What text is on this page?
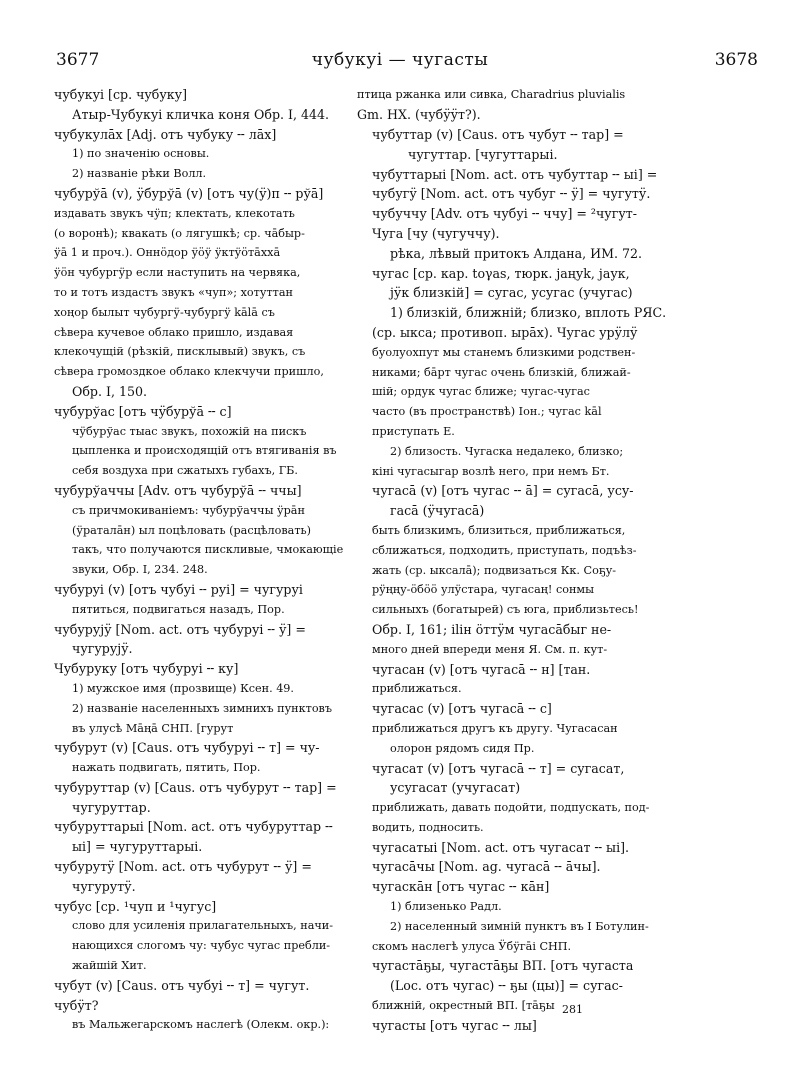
3677	чубукуі — чугасты	3678
чубукуі [ср. чубуку]
Атыр-Чубукуі кличка коня Обр. I, 444.
чубукулāх [Adj. отъ чубуку ╌ лāх]
1) по значенію основы.
2) названіе рѣки Волл.
чубурўā (v), ӱбурўā (v) [отъ чу(ӱ)п ╌ рўā]
издавать звукъ чӱп; клектать, клекотать
(о воронѣ); квакать (о лягушкѣ; ср. чāбыр-
ӱā 1 и проч.). Оннӧдор ӱӧӱ ӱктӱӧтāххā
ӱӧн чубургӱр если наступить на червяка,
то и тотъ издастъ звукъ «чуп»; хотуттан
хоңор былыт чубургӱ-чубургӱ kālā съ
сѣвера кучевое облако пришло, издавая
клекочущій (рѣзкій, писклывый) звукъ, съ
сѣвера громоздкое облако клекчучи пришло,
Обр. I, 150.
чубурўас [отъ чӱбурўā ╌ с]
чӱбурўас тыас звукъ, похожій на пискъ
цыпленка и происходящій отъ втягиванія въ
себя воздуха при сжатыхъ губахъ, ГБ.
чубурўаччы [Adv. отъ чубурўā ╌ ччы]
съ причмокиваніемъ: чубурўаччы ӱрāн
(ӱраталāн) ыл поцѣловать (расцѣловать)
такъ, что получаются пискливые, чмокающіе
звуки, Обр. I, 234. 248.
чубурyі (v) [отъ чубуі ╌ руі] = чугуруі
пятиться, подвигаться назадъ, Пор.
чубуруjӱ [Nom. act. отъ чубуруі ╌ ӱ] =
чугуруjӱ.
Чубуруку [отъ чубуруі ╌ ку]
1) мужское имя (прозвище) Ксен. 49.
2) названіе населенныхъ зимнихъ пунктовъ
въ улусѣ Мāңā СНП. [гурут
чубурут (v) [Caus. отъ чубуруі ╌ т] = чу-
нажать подвигать, пятить, Пор.
чубуруттар (v) [Caus. отъ чубурут ╌ тар] =
чугуруттар.
чубуруттарыі [Nom. act. отъ чубуруттар ╌
ыі] = чугуруттарыі.
чубурутӱ [Nom. act. отъ чубурут ╌ ӱ] =
чугурутӱ.
чубус [ср. ¹чуп и ¹чугус]
слово для усиленія прилагательныхъ, начи-
нающихся слогомъ чу: чубус чугас пребли-
жайшій Хит.
чубут (v) [Caus. отъ чубуі ╌ т] = чугут.
чубӱт?
въ Мальжегарскомъ наслегѣ (Олекм. окр.):
птица ржанка или сивка, Charadrius pluvialis
Gm. НХ. (чубӱӱт?).
чубуттар (v) [Caus. отъ чубут ╌ тар] =
чугуттар. [чугуттарыі.
чубуттарыі [Nom. act. отъ чубуттар ╌ ыі] =
чубугӱ [Nom. act. отъ чубуг ╌ ӱ] = чугутӱ.
чубуччу [Adv. отъ чубуі ╌ ччу] = ²чугут-
Чуга [чу (чугуччу).
рѣка, лѣвый притокъ Алдана, ИМ. 72.
чугас [ср. кар. toγas, тюрк. jaңуk, jaук,
jӱк близкій] = сугас, усугас (учугас)
1) близкій, ближній; близко, вплоть РЯС.
(ср. ыкса; противоп. ырāх). Чугас урӱлӱ
буолуохпут мы станемъ близкими родствен-
никами; бāрт чугас очень близкій, ближай-
шій; ордук чугас ближе; чугас-чугас
часто (въ пространствѣ) Іон.; чугас kāl
приступать Е.
2) близость. Чугаска недалеко, близко;
кіні чугасыгар возлѣ него, при немъ Бт.
чугасā (v) [отъ чугас ╌ ā] = сугасā, усу-
гасā (ӱчугасā)
быть близкимъ, близиться, приближаться,
сближаться, подходить, приступать, подъѣз-
жать (ср. ыксалā); подвизаться Кк. Соҕу-
рӱңңу-ӧбӧӧ улӱстара, чугасаң! сонмы
сильныхъ (богатырей) съ юга, приблизьтесь!
Обр. I, 161; іlін ӧттӱм чугасāбыг не-
много дней впереди меня Я. См. п. кут-
чугасан (v) [отъ чугасā ╌ н] [тан.
приближаться.
чугасас (v) [отъ чугасā ╌ с]
приближаться другъ къ другу. Чугасасан
олорон рядомъ сидя Пр.
чугасат (v) [отъ чугасā ╌ т] = сугасат,
усугасат (учугасат)
приближать, давать подойти, подпускать, под-
водить, подносить.
чугасатыі [Nom. act. отъ чугасат ╌ ыі].
чугасāчы [Nom. ag. чугасā ╌ āчы].
чугаскāн [отъ чугас ╌ кāн]
1) близенько Радл.
2) населенный зимній пунктъ въ I Ботулин-
скомъ наслегѣ улуса Ӱбӱгāі СНП.
чугастāҕы, чугастāҕы ВП. [отъ чугаста
(Loc. отъ чугас) ╌ ҕы (цы)] = сугас-
ближній, окрестный ВП. [тāҕы
чугасты [отъ чугас ╌ лы]
281
